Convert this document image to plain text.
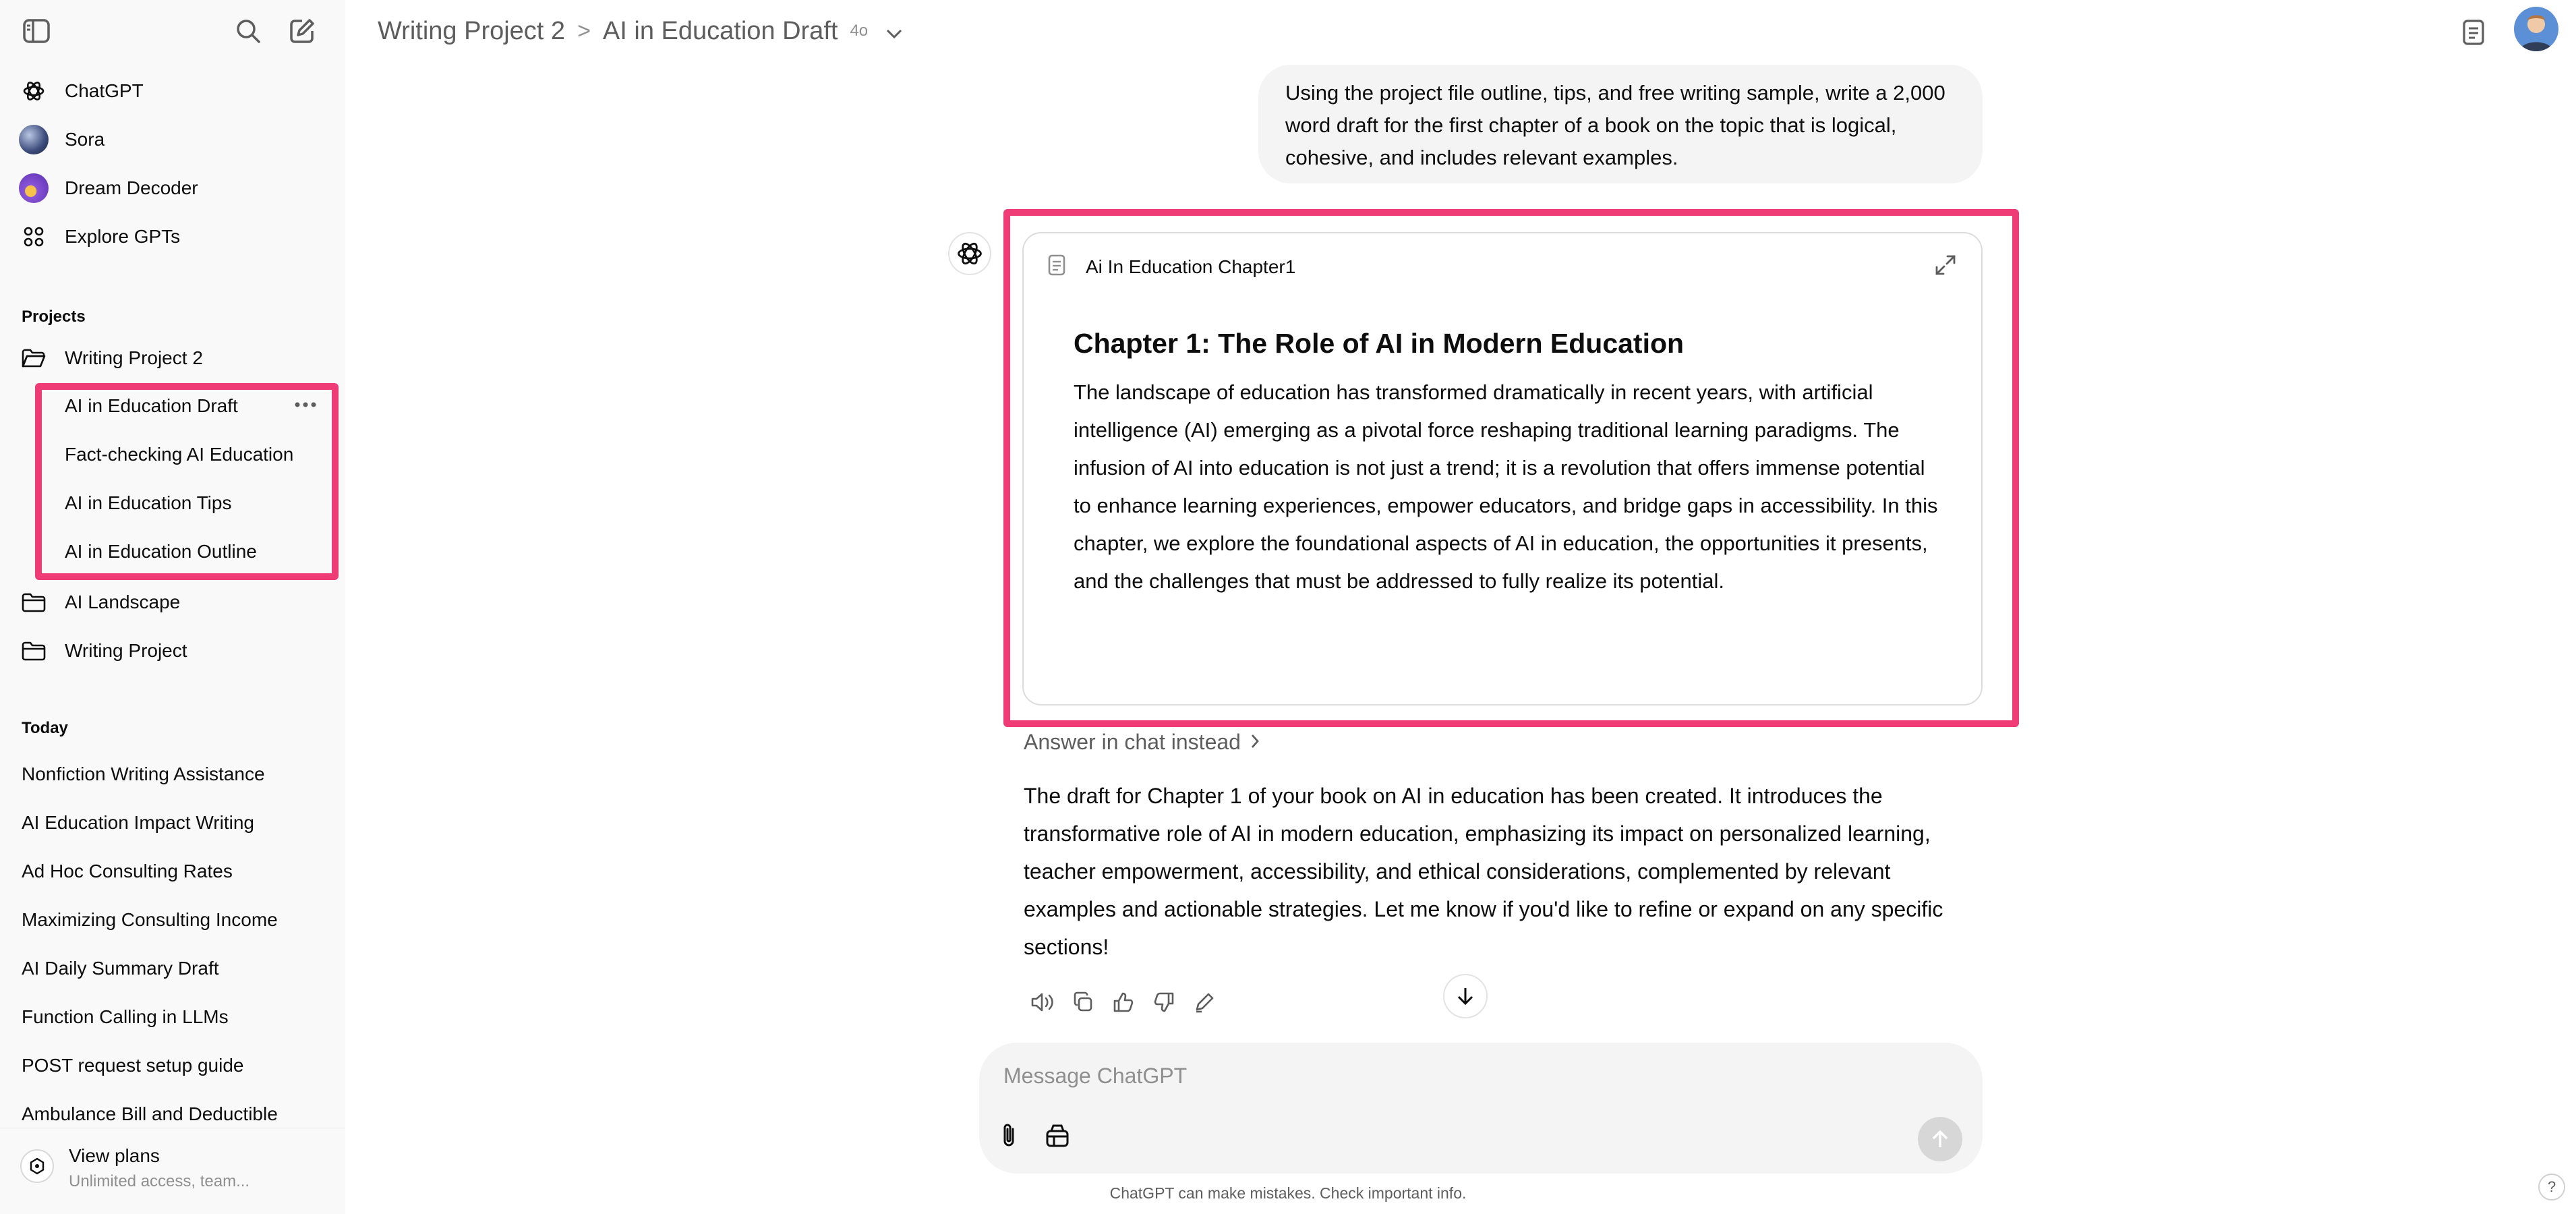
ChatGPT
Sora
Dream Decoder
Explore GPTs
Projects
Writing Project 2
AI in Education Draft
Fact-checking AI Education
AI in Education Tips
AI in Education Outline
AI Landscape
Writing Project
Today
Nonfiction Writing Assistance
AI Education Impact Writing
Ad Hoc Consulting Rates
Maximizing Consulting Income
AI Daily Summary Draft
Function Calling in LLMs
POST request setup guide
Ambulance Bill and Deductible
View plans
Unlimited access, team...
Writing Project 2 > AI in Education Draft 4o
Using the project file outline, tips, and free writing sample, write a 2,000 word draft for the first chapter of a book on the topic that is logical, cohesive, and includes relevant examples.
Ai In Education Chapter1
Chapter 1: The Role of AI in Modern Education
The landscape of education has transformed dramatically in recent years, with artificial intelligence (AI) emerging as a pivotal force reshaping traditional learning paradigms. The infusion of AI into education is not just a trend; it is a revolution that offers immense potential to enhance learning experiences, empower educators, and bridge gaps in accessibility. In this chapter, we explore the foundational aspects of AI in education, the opportunities it presents, and the challenges that must be addressed to fully realize its potential.
Answer in chat instead
The draft for Chapter 1 of your book on AI in education has been created. It introduces the transformative role of AI in modern education, emphasizing its impact on personalized learning, teacher empowerment, accessibility, and ethical considerations, complemented by relevant examples and actionable strategies. Let me know if you'd like to refine or expand on any specific sections!
Message ChatGPT
ChatGPT can make mistakes. Check important info.	?
